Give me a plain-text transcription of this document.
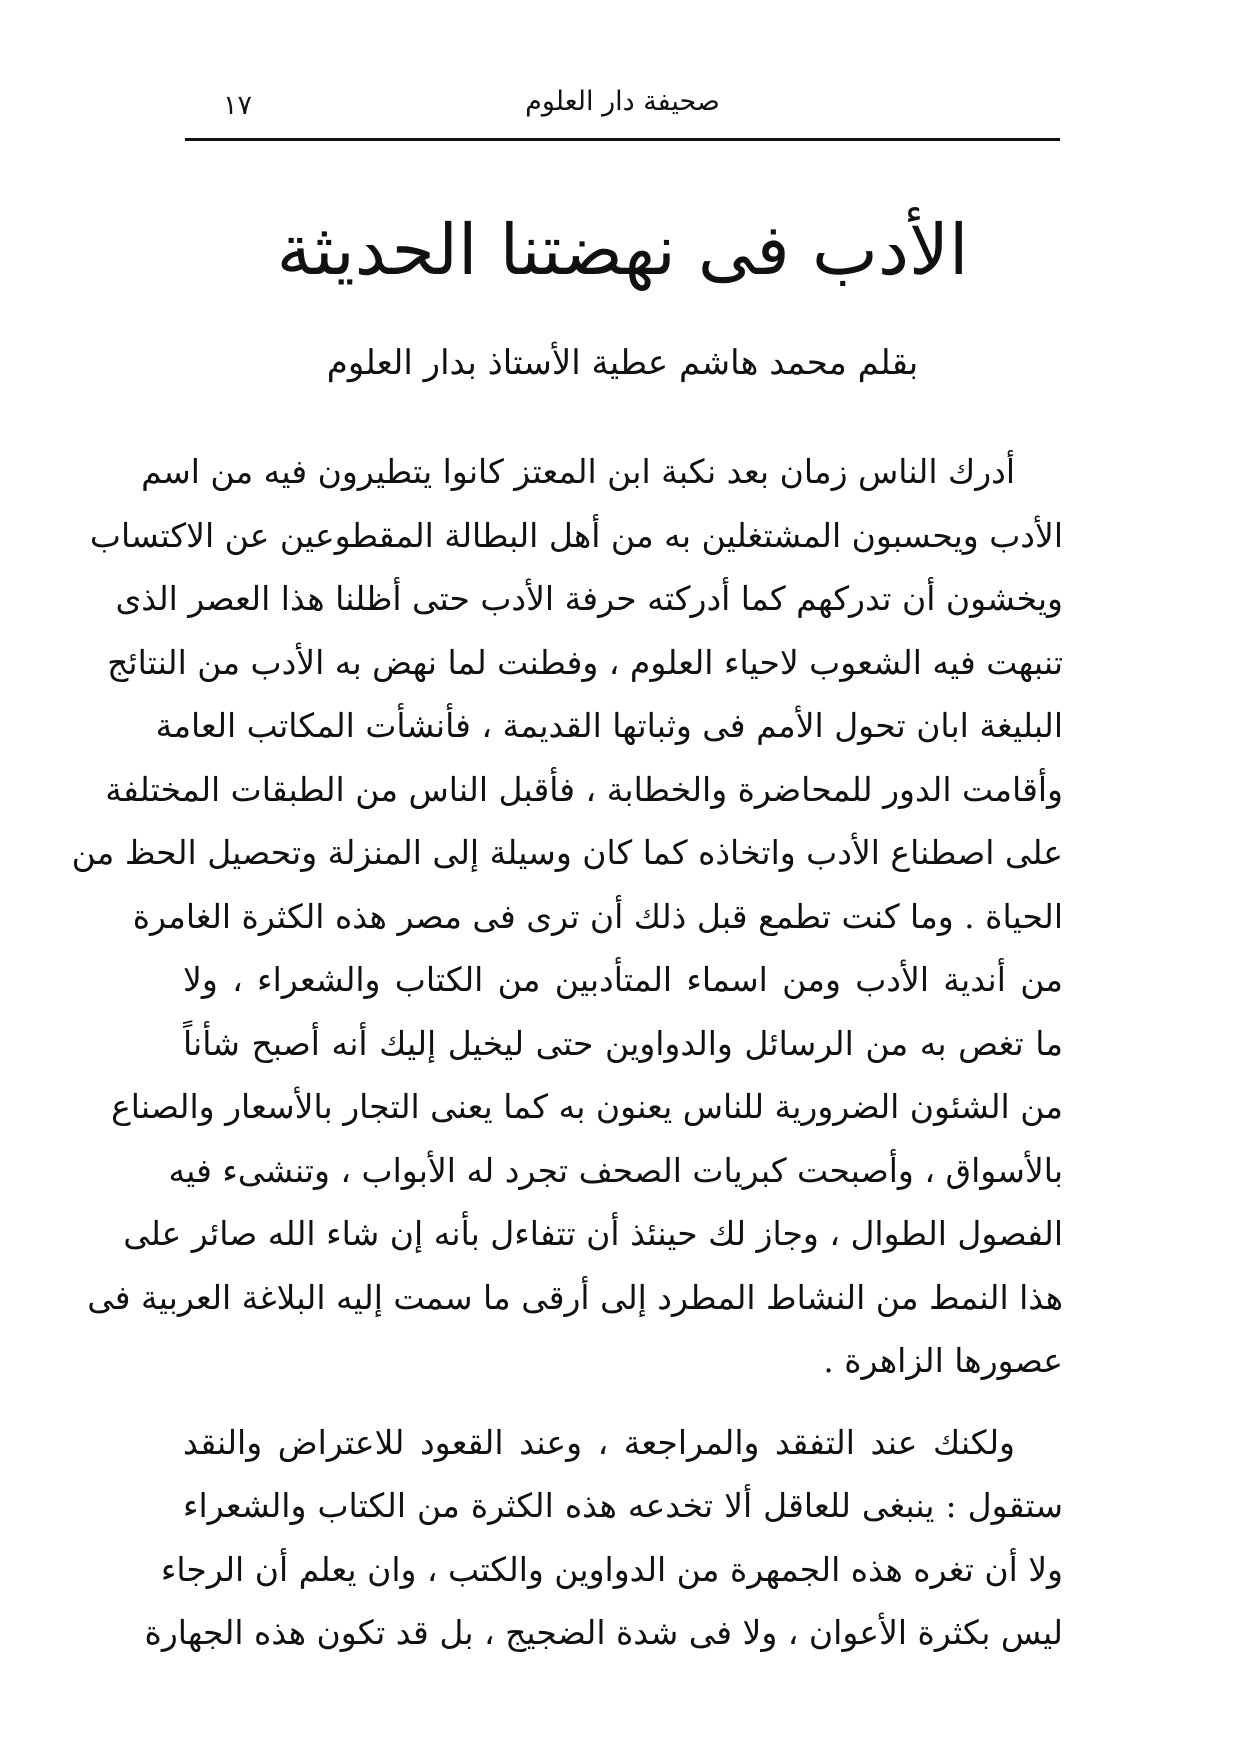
صحيفة دار العلوم
١٧
الأدب فى نهضتنا الحديثة
بقلم محمد هاشم عطية الأستاذ بدار العلوم
أدرك الناس زمان بعد نكبة ابن المعتز كانوا يتطيرون فيه من اسم
الأدب ويحسبون المشتغلين به من أهل البطالة المقطوعين عن الاكتساب
ويخشون أن تدركهم كما أدركته حرفة الأدب حتى أظلنا هذا العصر الذى
تنبهت فيه الشعوب لاحياء العلوم ، وفطنت لما نهض به الأدب من النتائج
البليغة ابان تحول الأمم فى وثباتها القديمة ، فأنشأت المكاتب العامة
وأقامت الدور للمحاضرة والخطابة ، فأقبل الناس من الطبقات المختلفة
على اصطناع الأدب واتخاذه كما كان وسيلة إلى المنزلة وتحصيل الحظ من
الحياة . وما كنت تطمع قبل ذلك أن ترى فى مصر هذه الكثرة الغامرة
من أندية الأدب ومن اسماء المتأدبين من الكتاب والشعراء ، ولا
ما تغص به من الرسائل والدواوين حتى ليخيل إليك أنه أصبح شأناً
من الشئون الضرورية للناس يعنون به كما يعنى التجار بالأسعار والصناع
بالأسواق ، وأصبحت كبريات الصحف تجرد له الأبواب ، وتنشىء فيه
الفصول الطوال ، وجاز لك حينئذ أن تتفاءل بأنه إن شاء الله صائر على
هذا النمط من النشاط المطرد إلى أرقى ما سمت إليه البلاغة العربية فى
عصورها الزاهرة .
ولكنك عند التفقد والمراجعة ، وعند القعود للاعتراض والنقد
ستقول : ينبغى للعاقل ألا تخدعه هذه الكثرة من الكتاب والشعراء
ولا أن تغره هذه الجمهرة من الدواوين والكتب ، وان يعلم أن الرجاء
ليس بكثرة الأعوان ، ولا فى شدة الضجيج ، بل قد تكون هذه الجهارة
